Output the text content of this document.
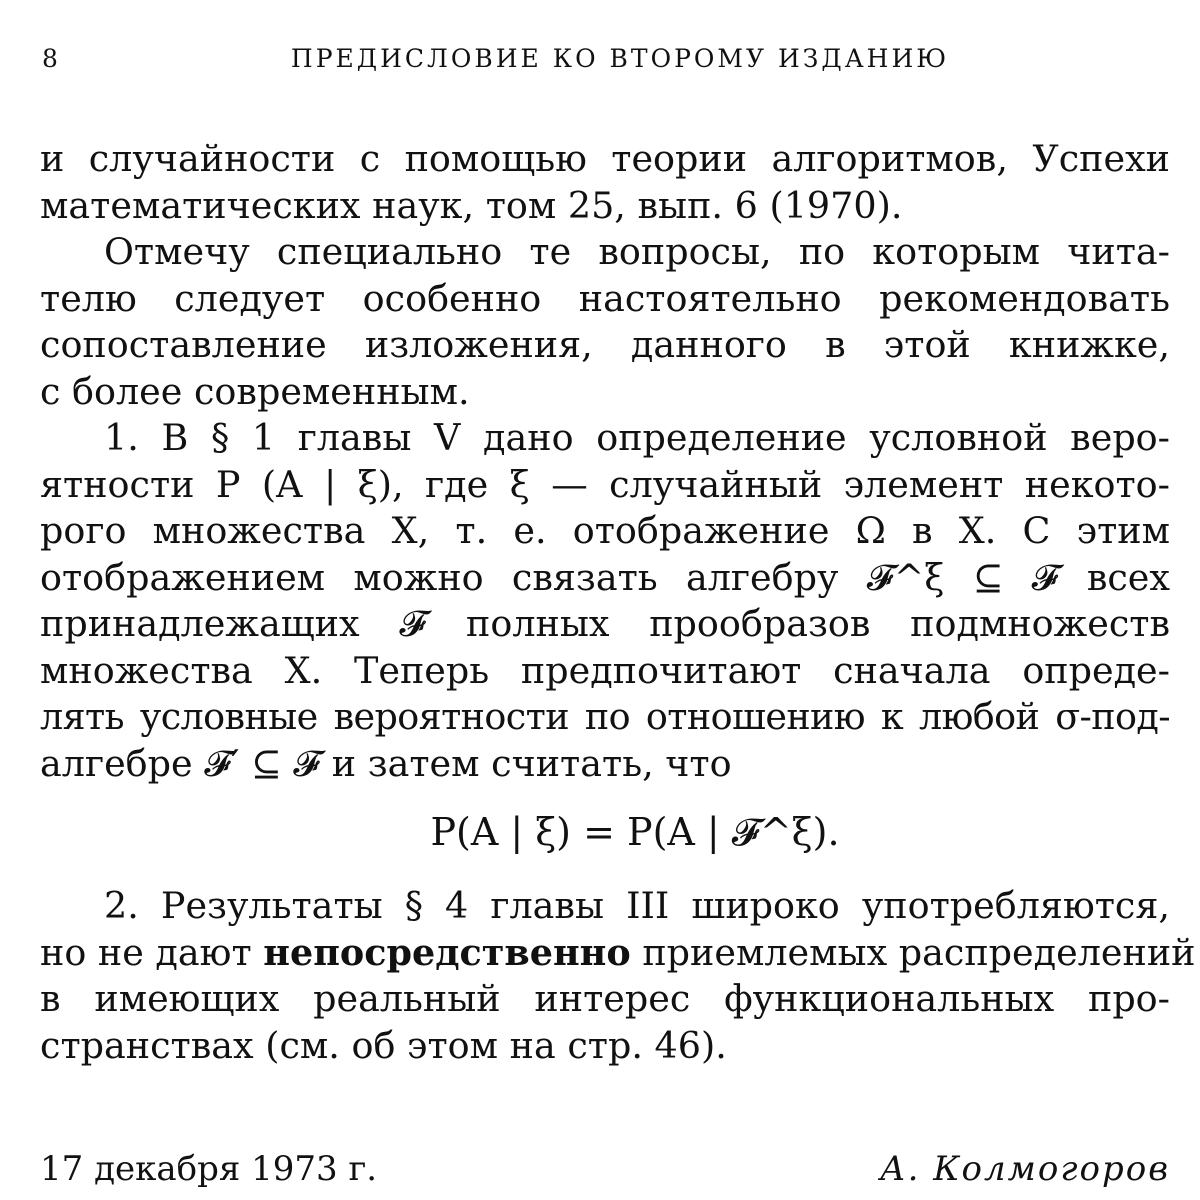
8	ПРЕДИСЛОВИЕ КО ВТОРОМУ ИЗДАНИЮ
и случайности с помощью теории алгоритмов, Успехи
математических наук, том 25, вып. 6 (1970).
Отмечу специально те вопросы, по которым чита-
телю следует особенно настоятельно рекомендовать
сопоставление изложения, данного в этой книжке,
с более современным.
1. В § 1 главы V дано определение условной веро-
ятности P (A | ξ), где ξ — случайный элемент некото-
рого множества X, т. е. отображение Ω в X. С этим
отображением можно связать алгебру 𝓕^ξ ⊆ 𝓕 всех
принадлежащих 𝓕 полных прообразов подмножеств
множества X. Теперь предпочитают сначала опреде-
лять условные вероятности по отношению к любой σ-под-
алгебре 𝓕′ ⊆ 𝓕 и затем считать, что
P(A | ξ) = P(A | 𝓕^ξ).
2. Результаты § 4 главы III широко употребляются,
но не дают непосредственно приемлемых распределений
в имеющих реальный интерес функциональных про-
странствах (см. об этом на стр. 46).
17 декабря 1973 г.	А. Колмогоров
